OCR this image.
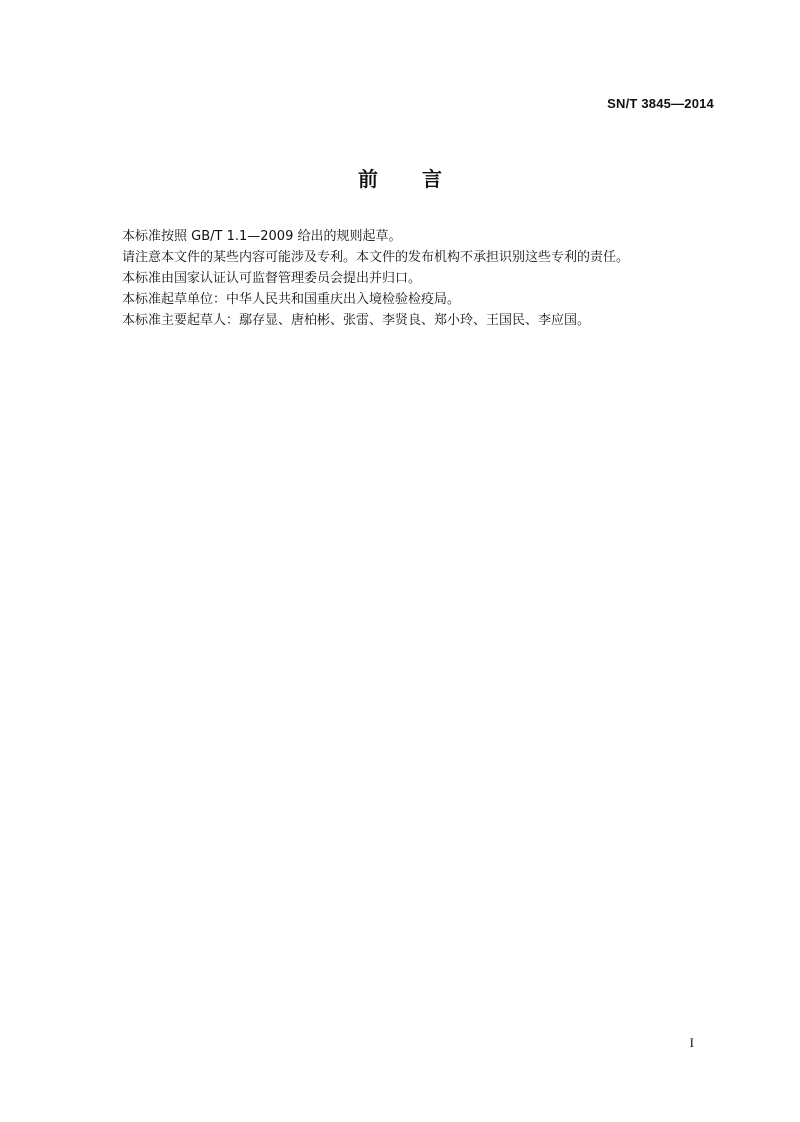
SN/T 3845—2014
前言
本标准按照 GB/T 1.1—2009 给出的规则起草。
请注意本文件的某些内容可能涉及专利。本文件的发布机构不承担识别这些专利的责任。
本标准由国家认证认可监督管理委员会提出并归口。
本标准起草单位：中华人民共和国重庆出入境检验检疫局。
本标准主要起草人：鄢存显、唐柏彬、张雷、李贤良、郑小玲、王国民、李应国。
I
